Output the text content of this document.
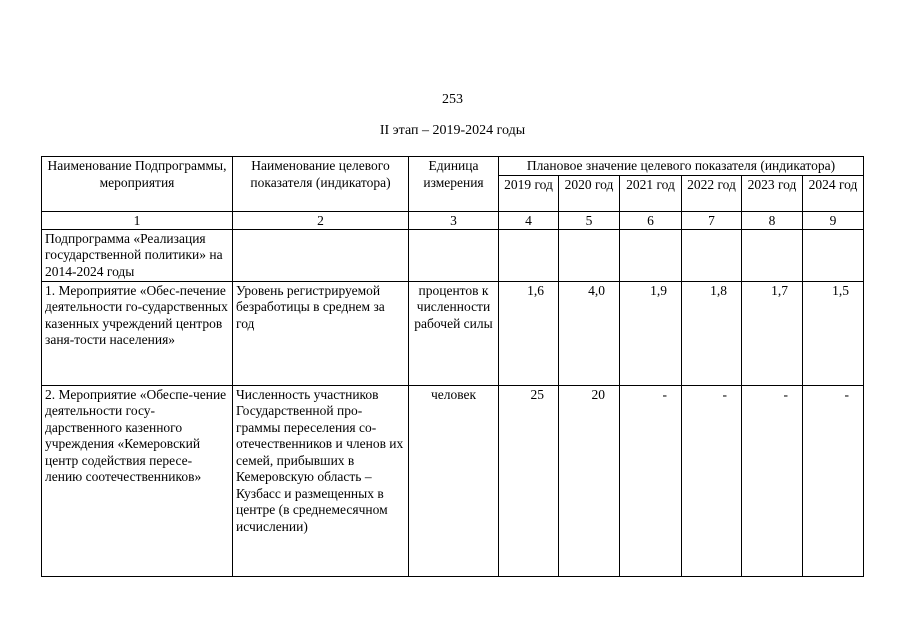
253
II этап – 2019-2024 годы
Наименование Подпрограммы, мероприятия	Наименование целевого показателя (индикатора)	Единица измерения	Плановое значение целевого показателя (индикатора)					
			2019 год	2020 год	2021 год	2022 год	2023 год	2024 год
1	2	3	4	5	6	7	8	9
Подпрограмма «Реализация государственной политики» на 2014-2024 годы								
1. Мероприятие «Обес-печение деятельности го-сударственных казенных учреждений центров заня-тости населения»	Уровень регистрируемой безработицы в среднем за год	процентов к численности рабочей силы	1,6	4,0	1,9	1,8	1,7	1,5
2. Мероприятие «Обеспе-чение деятельности госу-дарственного казенного учреждения «Кемеровский центр содействия пересе-лению соотечественников»	Численность участников Государственной про-граммы переселения со-отечественников и членов их семей, прибывших в Кемеровскую область – Кузбасс и размещенных в центре (в среднемесячном исчислении)	человек	25	20	-	-	-	-
